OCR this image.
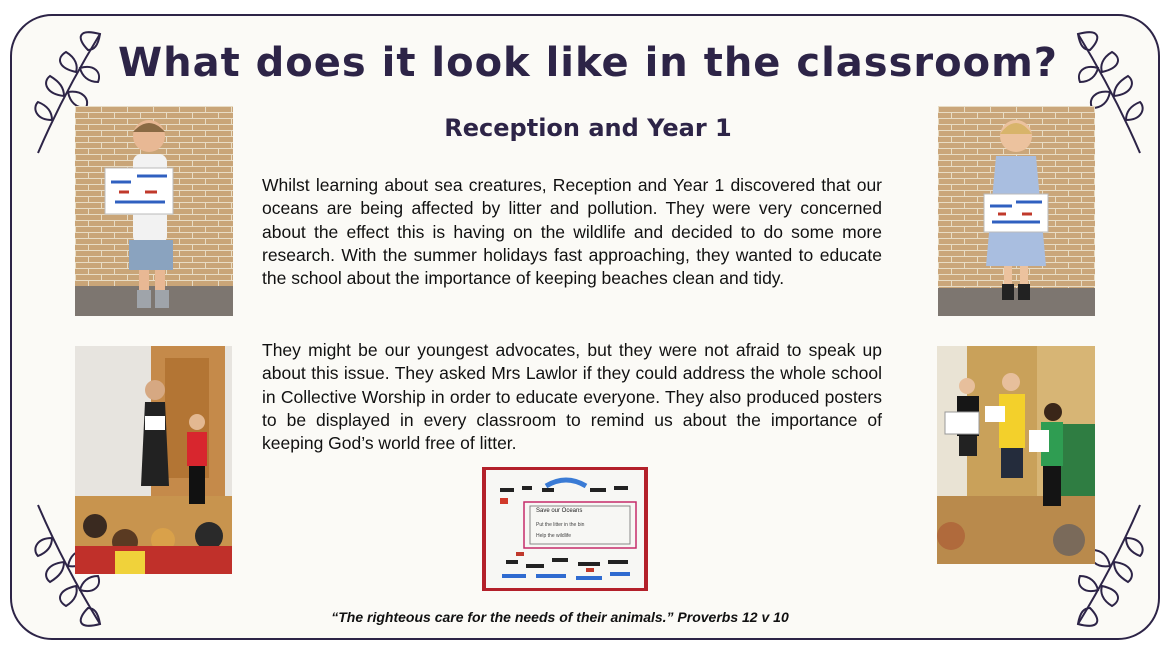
What does it look like in the classroom?
Reception and Year 1

Whilst learning about sea creatures, Reception and Year 1 discovered that our oceans are being affected by litter and pollution. They were very concerned about the effect this is having on the wildlife and decided to do some more research. With the summer holidays fast approaching, they wanted to educate the school about the importance of keeping beaches clean and tidy.

They might be our youngest advocates, but they were not afraid to speak up about this issue. They asked Mrs Lawlor if they could address the whole school in Collective Worship in order to educate everyone. They also produced posters to be displayed in every classroom to remind us about the importance of keeping God’s world free of litter.

Save our Oceans
Put the litter in the bin
Help the wildlife

“The righteous care for the needs of their animals.” Proverbs 12 v 10
